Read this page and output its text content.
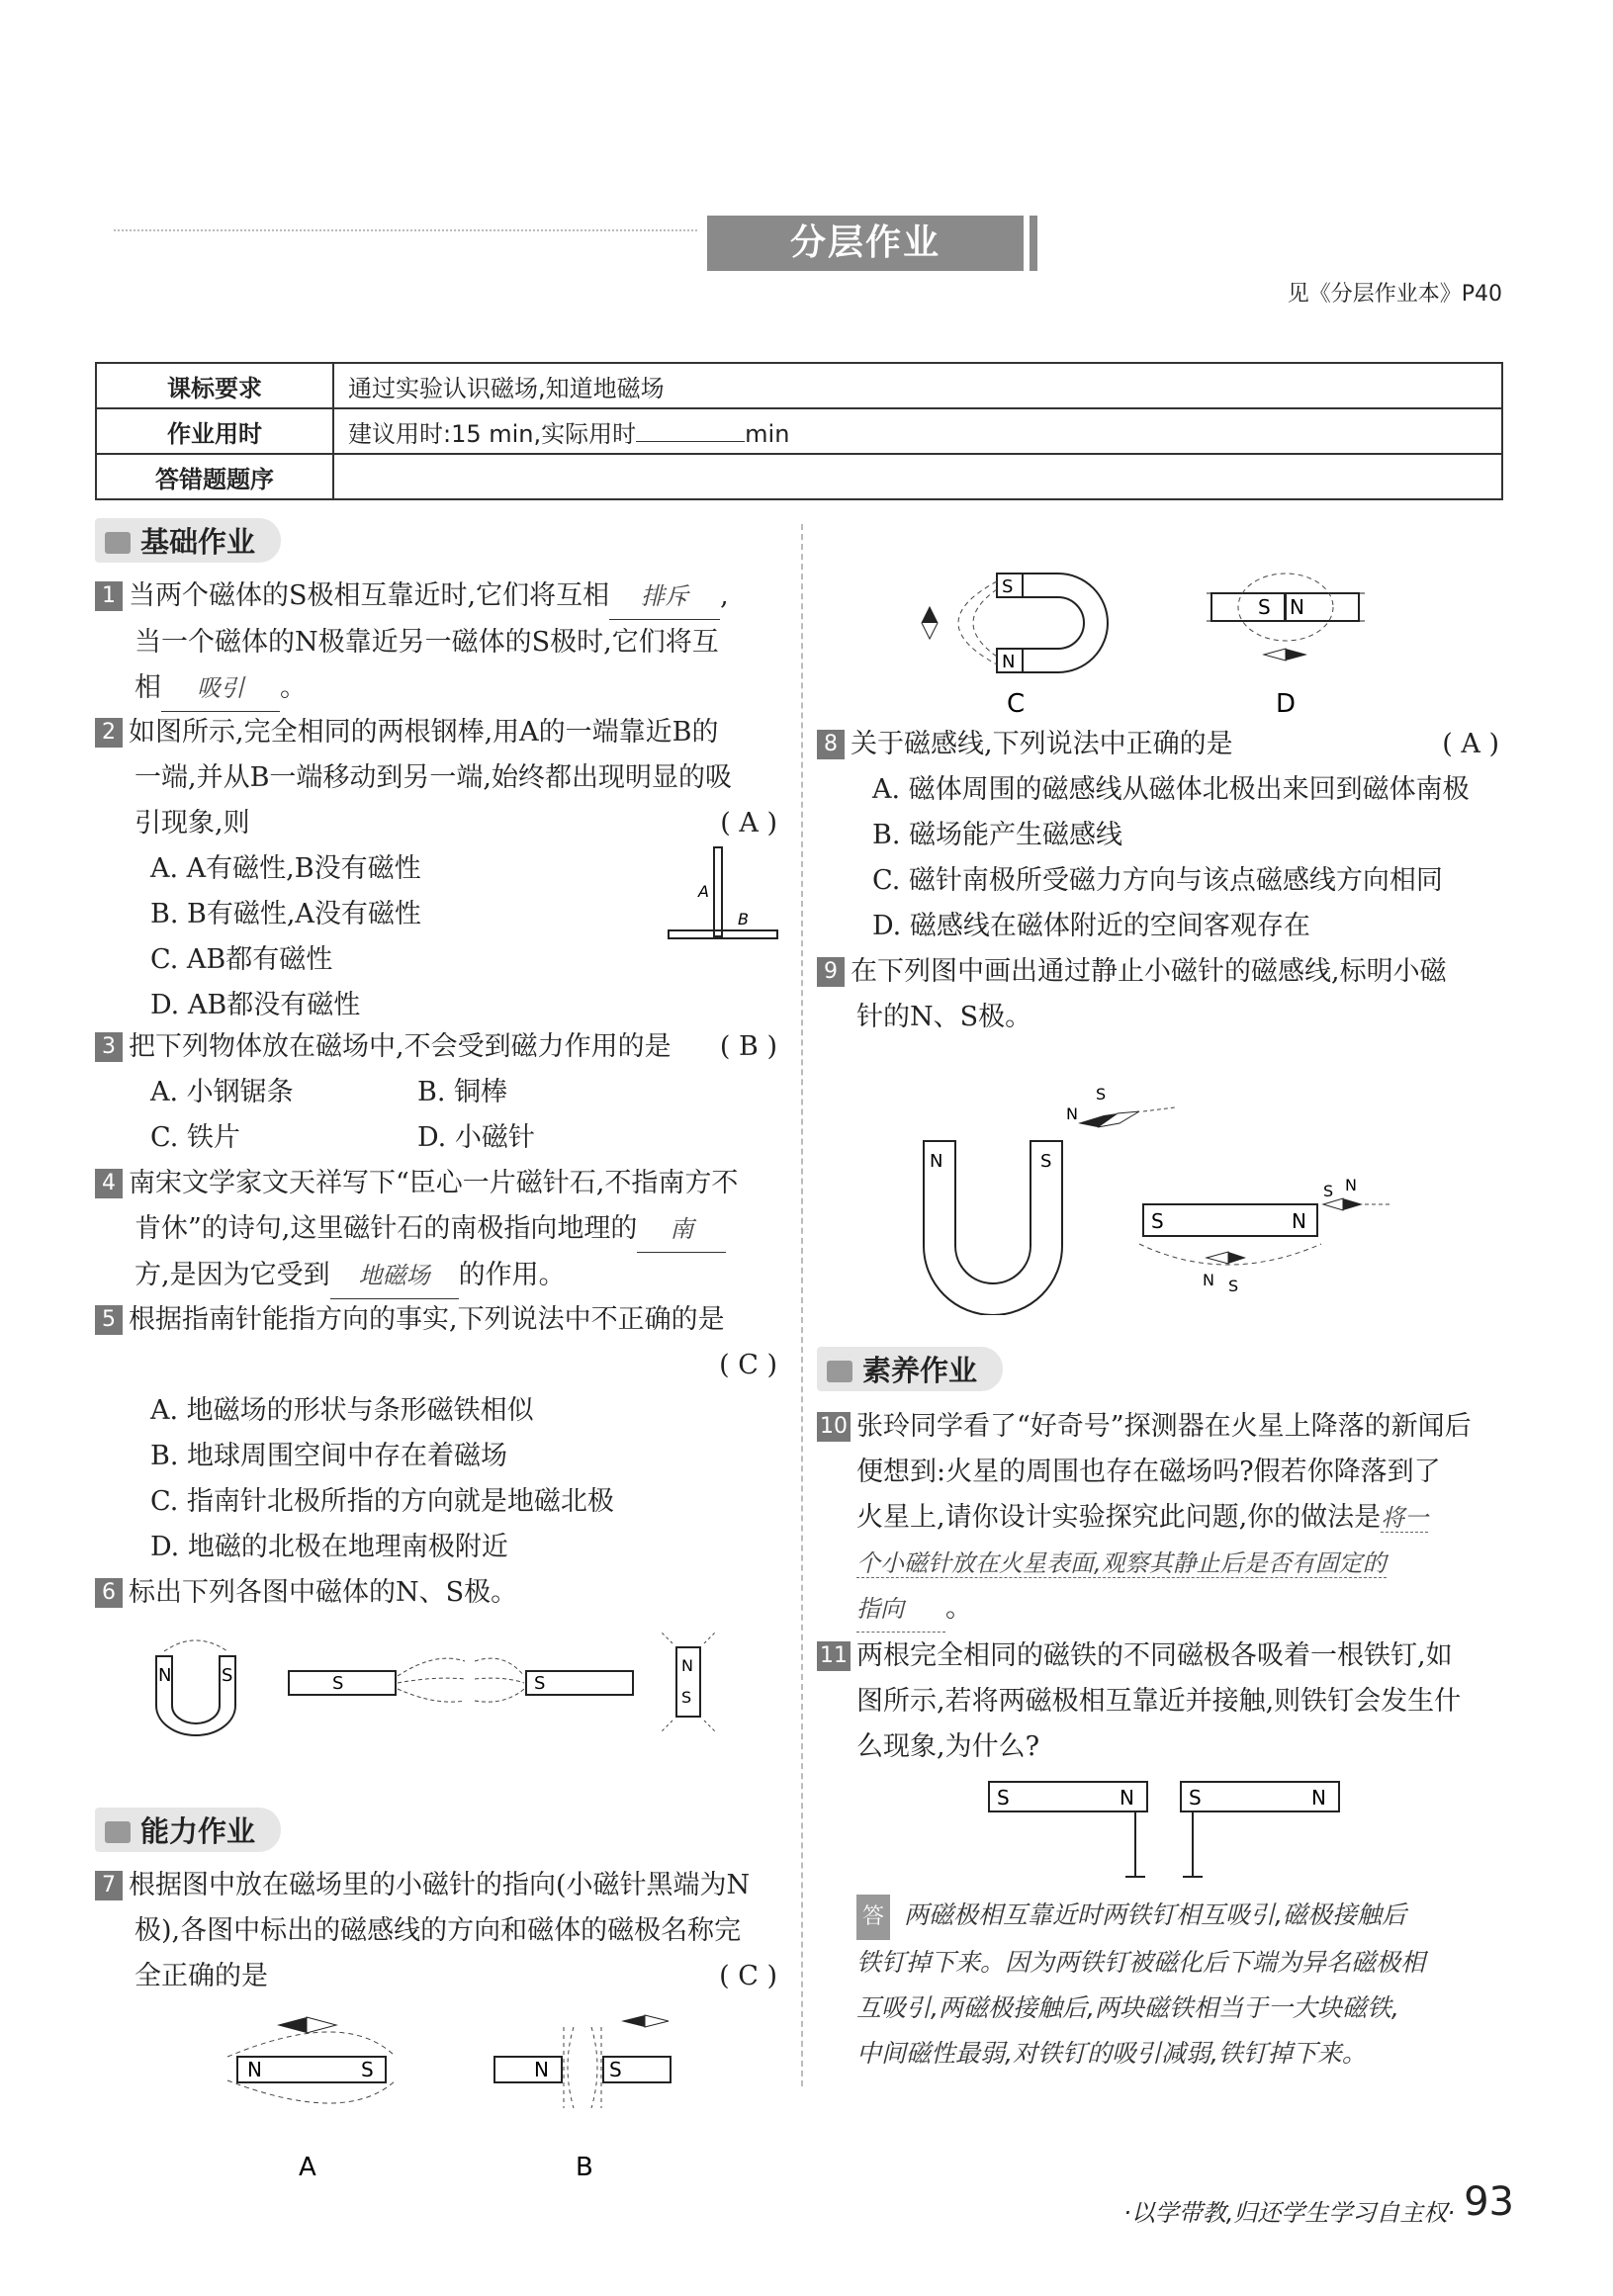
分层作业
见《分层作业本》P40
课标要求	通过实验认识磁场,知道地磁场
作业用时	建议用时:15 min,实际用时 min
答错题题序	
基础作业
1 当两个磁体的S极相互靠近时,它们将互相 排斥 ,
当一个磁体的N极靠近另一磁体的S极时,它们将互
相 吸引 。
2 如图所示,完全相同的两根钢棒,用A的一端靠近B的
一端,并从B一端移动到另一端,始终都出现明显的吸
引现象,则	( A )
A. A有磁性,B没有磁性
B. B有磁性,A没有磁性
C. AB都有磁性
D. AB都没有磁性
A
B
3 把下列物体放在磁场中,不会受到磁力作用的是 ( B )
A. 小钢锯条	B. 铜棒
C. 铁片	D. 小磁针
4 南宋文学家文天祥写下“臣心一片磁针石,不指南方不
肯休”的诗句,这里磁针石的南极指向地理的 南
方,是因为它受到 地磁场 的作用。
5 根据指南针能指方向的事实,下列说法中不正确的是
( C )
A. 地磁场的形状与条形磁铁相似
B. 地球周围空间中存在着磁场
C. 指南针北极所指的方向就是地磁北极
D. 地磁的北极在地理南极附近
6 标出下列各图中磁体的N、S极。
N	S	S	S
N
S
能力作业
7 根据图中放在磁场里的小磁针的指向(小磁针黑端为N
极),各图中标出的磁感线的方向和磁体的磁极名称完
全正确的是	( C )
N	S
A
N	S
B
S
N
C
S N
D
8 关于磁感线,下列说法中正确的是	( A )
A. 磁体周围的磁感线从磁体北极出来回到磁体南极
B. 磁场能产生磁感线
C. 磁针南极所受磁力方向与该点磁感线方向相同
D. 磁感线在磁体附近的空间客观存在
9 在下列图中画出通过静止小磁针的磁感线,标明小磁
针的N、S极。
N	S
N
S
S	N
S N
N S
素养作业
10 张玲同学看了“好奇号”探测器在火星上降落的新闻后
便想到:火星的周围也存在磁场吗?假若你降落到了
火星上,请你设计实验探究此问题,你的做法是将一
个小磁针放在火星表面,观察其静止后是否有固定的
指向 。
11 两根完全相同的磁铁的不同磁极各吸着一根铁钉,如
图所示,若将两磁极相互靠近并接触,则铁钉会发生什
么现象,为什么?
S	N	S	N
答 两磁极相互靠近时两铁钉相互吸引,磁极接触后
铁钉掉下来。因为两铁钉被磁化后下端为异名磁极相
互吸引,两磁极接触后,两块磁铁相当于一大块磁铁,
中间磁性最弱,对铁钉的吸引减弱,铁钉掉下来。
·以学带教,归还学生学习自主权· 93
